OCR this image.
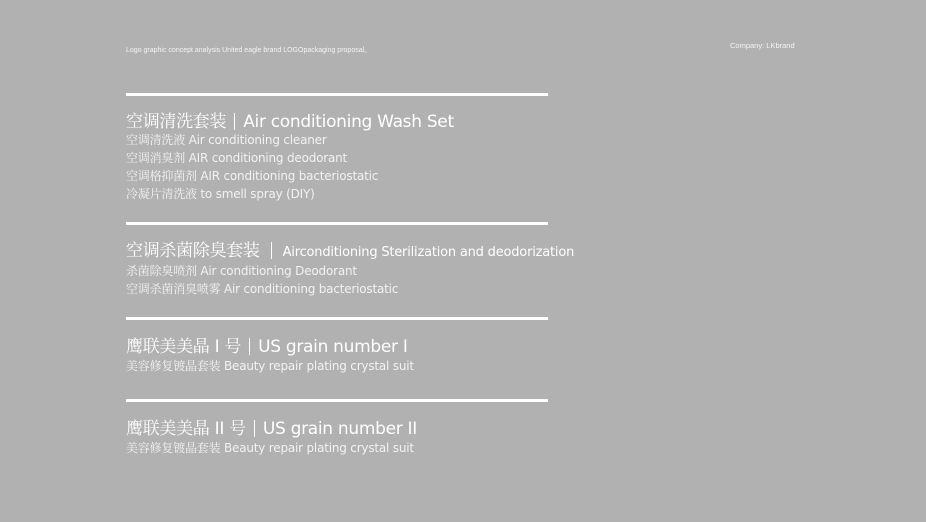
Logo graphic concept analysis United eagle brand LOGOpackaging proposal。
Company: LKbrand
空调清洗套装 Air conditioning Wash Set
空调清洗液 Air conditioning cleaner
空调消臭剂 AIR conditioning deodorant
空调格抑菌剂 AIR conditioning bacteriostatic
冷凝片清洗液 to smell spray (DIY)
空调杀菌除臭套装 Airconditioning Sterilization and deodorization
杀菌除臭喷剂 Air conditioning Deodorant
空调杀菌消臭喷雾 Air conditioning bacteriostatic
鹰联美美晶 I 号 US grain number I
美容修复镀晶套装 Beauty repair plating crystal suit
鹰联美美晶 II 号 US grain number II
美容修复镀晶套装 Beauty repair plating crystal suit
